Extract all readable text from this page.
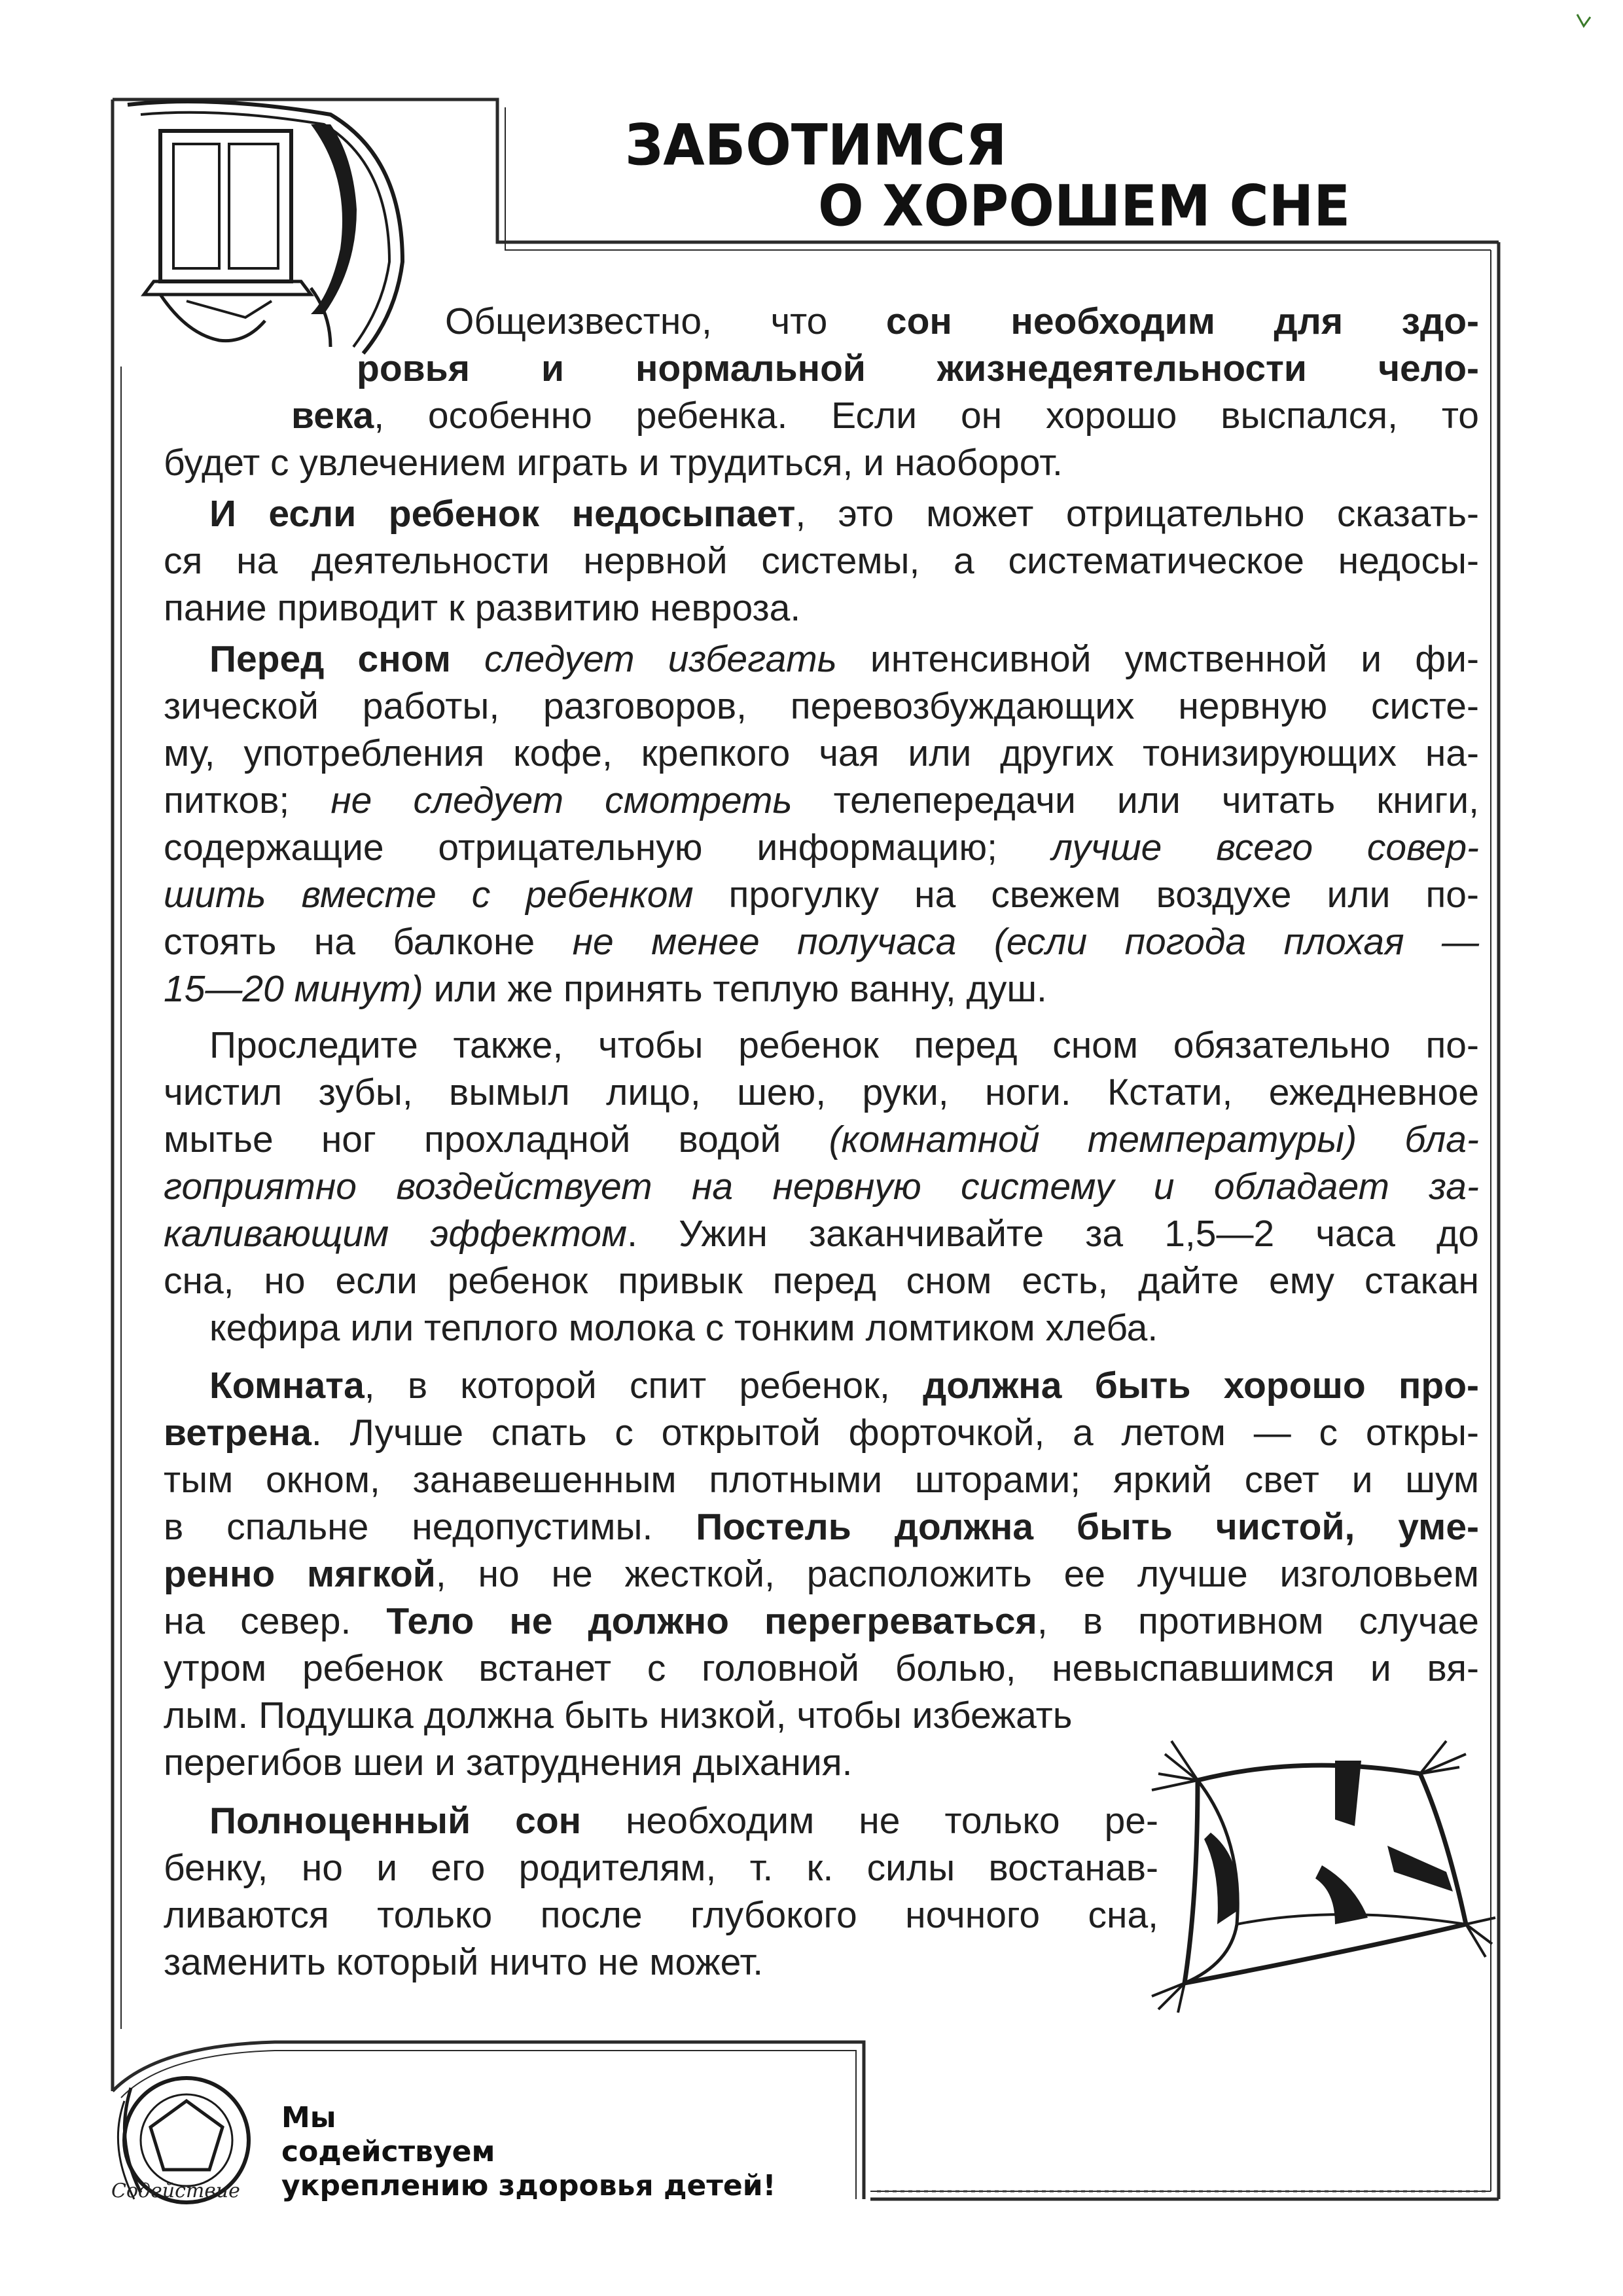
ЗАБОТИМСЯ
О ХОРОШЕМ СНЕ
Общеизвестно, что сон необходим для здо-
ровья и нормальной жизнедеятельности чело-
века, особенно ребенка. Если он хорошо выспался, то
будет с увлечением играть и трудиться, и наоборот.
И если ребенок недосыпает, это может отрицательно сказать-
ся на деятельности нервной системы, а систематическое недосы-
пание приводит к развитию невроза.
Перед сном следует избегать интенсивной умственной и фи-
зической работы, разговоров, перевозбуждающих нервную систе-
му, употребления кофе, крепкого чая или других тонизирующих на-
питков; не следует смотреть телепередачи или читать книги,
содержащие отрицательную информацию; лучше всего совер-
шить вместе с ребенком прогулку на свежем воздухе или по-
стоять на балконе не менее получаса (если погода плохая —
15—20 минут) или же принять теплую ванну, душ.
Проследите также, чтобы ребенок перед сном обязательно по-
чистил зубы, вымыл лицо, шею, руки, ноги. Кстати, ежедневное
мытье ног прохладной водой (комнатной температуры) бла-
гоприятно воздействует на нервную систему и обладает за-
каливающим эффектом. Ужин заканчивайте за 1,5—2 часа до
сна, но если ребенок привык перед сном есть, дайте ему стакан
кефира или теплого молока с тонким ломтиком хлеба.
Комната, в которой спит ребенок, должна быть хорошо про-
ветрена. Лучше спать с открытой форточкой, а летом — с откры-
тым окном, занавешенным плотными шторами; яркий свет и шум
в спальне недопустимы. Постель должна быть чистой, уме-
ренно мягкой, но не жесткой, расположить ее лучше изголовьем
на север. Тело не должно перегреваться, в противном случае
утром ребенок встанет с головной болью, невыспавшимся и вя-
лым. Подушка должна быть низкой, чтобы избежать
перегибов шеи и затруднения дыхания.
Полноценный сон необходим не только ре-
бенку, но и его родителям, т. к. силы востанав-
ливаются только после глубокого ночного сна,
заменить который ничто не может.

Содействие

Мы
содействуем
укреплению здоровья детей!
